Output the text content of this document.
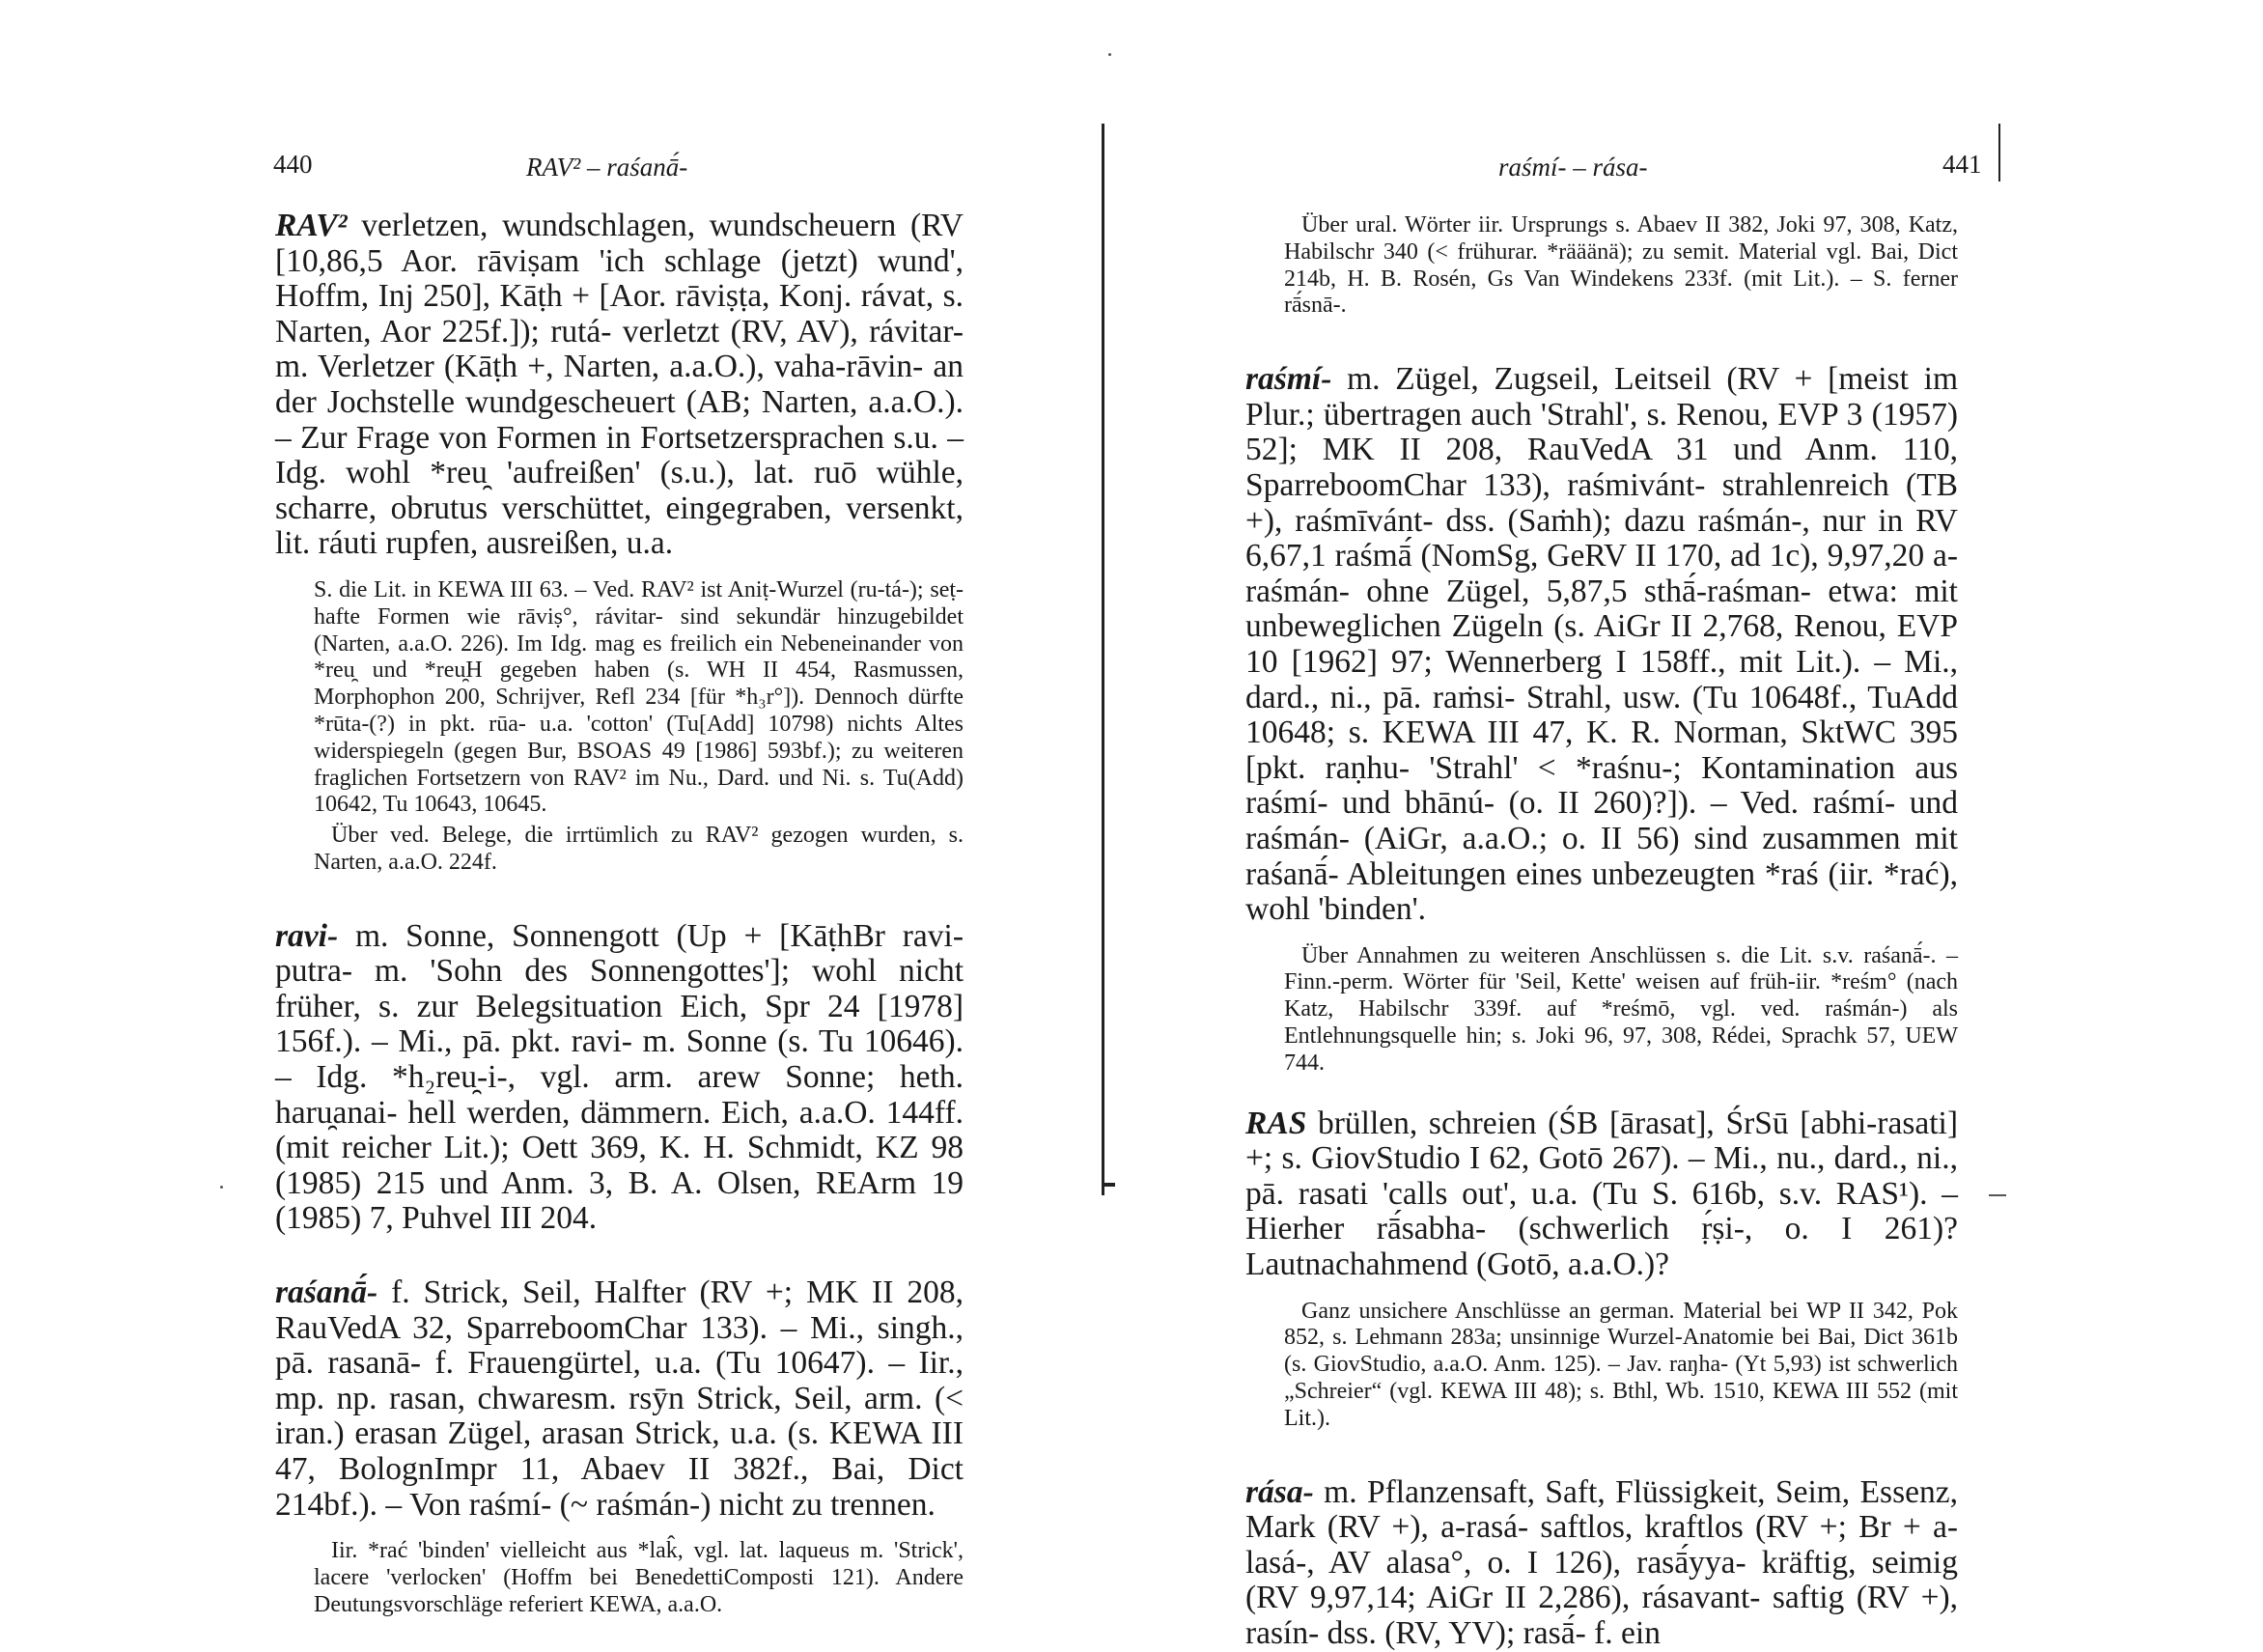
440	RAV² – raśanā́-

RAV² verletzen, wundschlagen, wundscheuern (RV [10,86,5 Aor. rāviṣam 'ich schlage (jetzt) wund', Hoffm, Inj 250], Kāṭh + [Aor. rāviṣṭa, Konj. rávat, s. Narten, Aor 225f.]); rutá- verletzt (RV, AV), rávitar- m. Verletzer (Kāṭh +, Narten, a.a.O.), vaha-rāvin- an der Jochstelle wundgescheuert (AB; Narten, a.a.O.). – Zur Frage von Formen in Fortsetzersprachen s.u. – Idg. wohl *reu̯ 'aufreißen' (s.u.), lat. ruō wühle, scharre, obrutus verschüttet, eingegraben, versenkt, lit. ráuti rupfen, ausreißen, u.a.

S. die Lit. in KEWA III 63. – Ved. RAV² ist Aniṭ-Wurzel (ru-tá-); seṭ-hafte Formen wie rāviṣ°, rávitar- sind sekundär hinzugebildet (Narten, a.a.O. 226). Im Idg. mag es freilich ein Nebeneinander von *reu̯ und *reu̯H gegeben haben (s. WH II 454, Rasmussen, Morphophon 200, Schrijver, Refl 234 [für *h₃r°]). Dennoch dürfte *rūta-(?) in pkt. rūa- u.a. 'cotton' (Tu[Add] 10798) nichts Altes widerspiegeln (gegen Bur, BSOAS 49 [1986] 593bf.); zu weiteren fraglichen Fortsetzern von RAV² im Nu., Dard. und Ni. s. Tu(Add) 10642, Tu 10643, 10645.

Über ved. Belege, die irrtümlich zu RAV² gezogen wurden, s. Narten, a.a.O. 224f.

ravi- m. Sonne, Sonnengott (Up + [KāṭhBr ravi-putra- m. 'Sohn des Sonnengottes']; wohl nicht früher, s. zur Belegsituation Eich, Spr 24 [1978] 156f.). – Mi., pā. pkt. ravi- m. Sonne (s. Tu 10646). – Idg. *h₂reu̯-i-, vgl. arm. arew Sonne; heth. haru̯anai- hell werden, dämmern. Eich, a.a.O. 144ff. (mit reicher Lit.); Oett 369, K. H. Schmidt, KZ 98 (1985) 215 und Anm. 3, B. A. Olsen, REArm 19 (1985) 7, Puhvel III 204.

raśanā́- f. Strick, Seil, Halfter (RV +; MK II 208, RauVedA 32, SparreboomChar 133). – Mi., singh., pā. rasanā- f. Frauengürtel, u.a. (Tu 10647). – Iir., mp. np. rasan, chwaresm. rsȳn Strick, Seil, arm. (< iran.) erasan Zügel, arasan Strick, u.a. (s. KEWA III 47, BolognImpr 11, Abaev II 382f., Bai, Dict 214bf.). – Von raśmí- (~ raśmán-) nicht zu trennen.

Iir. *rać 'binden' vielleicht aus *lak̂, vgl. lat. laqueus m. 'Strick', lacere 'verlocken' (Hoffm bei BenedettiComposti 121). Andere Deutungsvorschläge referiert KEWA, a.a.O.

raśmí- – rása-	441

Über ural. Wörter iir. Ursprungs s. Abaev II 382, Joki 97, 308, Katz, Habilschr 340 (< frühurar. *rääänä); zu semit. Material vgl. Bai, Dict 214b, H. B. Rosén, Gs Van Windekens 233f. (mit Lit.). – S. ferner rā́snā-.

raśmí- m. Zügel, Zugseil, Leitseil (RV + [meist im Plur.; übertragen auch 'Strahl', s. Renou, EVP 3 (1957) 52]; MK II 208, RauVedA 31 und Anm. 110, SparreboomChar 133), raśmivánt- strahlenreich (TB +), raśmīvánt- dss. (Saṁh); dazu raśmán-, nur in RV 6,67,1 raśmā́ (NomSg, GeRV II 170, ad 1c), 9,97,20 a-raśmán- ohne Zügel, 5,87,5 sthā́-raśman- etwa: mit unbeweglichen Zügeln (s. AiGr II 2,768, Renou, EVP 10 [1962] 97; Wennerberg I 158ff., mit Lit.). – Mi., dard., ni., pā. raṁsi- Strahl, usw. (Tu 10648f., TuAdd 10648; s. KEWA III 47, K. R. Norman, SktWC 395 [pkt. raṇhu- 'Strahl' < *raśnu-; Kontamination aus raśmí- und bhānú- (o. II 260)?]). – Ved. raśmí- und raśmán- (AiGr, a.a.O.; o. II 56) sind zusammen mit raśanā́- Ableitungen eines unbezeugten *raś (iir. *rać), wohl 'binden'.

Über Annahmen zu weiteren Anschlüssen s. die Lit. s.v. raśanā́-. – Finn.-perm. Wörter für 'Seil, Kette' weisen auf früh-iir. *reśm° (nach Katz, Habilschr 339f. auf *reśmō, vgl. ved. raśmán-) als Entlehnungsquelle hin; s. Joki 96, 97, 308, Rédei, Sprachk 57, UEW 744.

RAS brüllen, schreien (ŚB [ārasat], ŚrSū [abhi-rasati] +; s. GiovStudio I 62, Gotō 267). – Mi., nu., dard., ni., pā. rasati 'calls out', u.a. (Tu S. 616b, s.v. RAS¹). – Hierher rā́sabha- (schwerlich ṛ́ṣi-, o. I 261)? Lautnachahmend (Gotō, a.a.O.)?

Ganz unsichere Anschlüsse an german. Material bei WP II 342, Pok 852, s. Lehmann 283a; unsinnige Wurzel-Anatomie bei Bai, Dict 361b (s. GiovStudio, a.a.O. Anm. 125). – Jav. raŋha- (Yt 5,93) ist schwerlich „Schreier“ (vgl. KEWA III 48); s. Bthl, Wb. 1510, KEWA III 552 (mit Lit.).

rása- m. Pflanzensaft, Saft, Flüssigkeit, Seim, Essenz, Mark (RV +), a-rasá- saftlos, kraftlos (RV +; Br + a-lasá-, AV alasa°, o. I 126), rasā́yya- kräftig, seimig (RV 9,97,14; AiGr II 2,286), rásavant- saftig (RV +), rasín- dss. (RV, YV); rasā́- f. ein
